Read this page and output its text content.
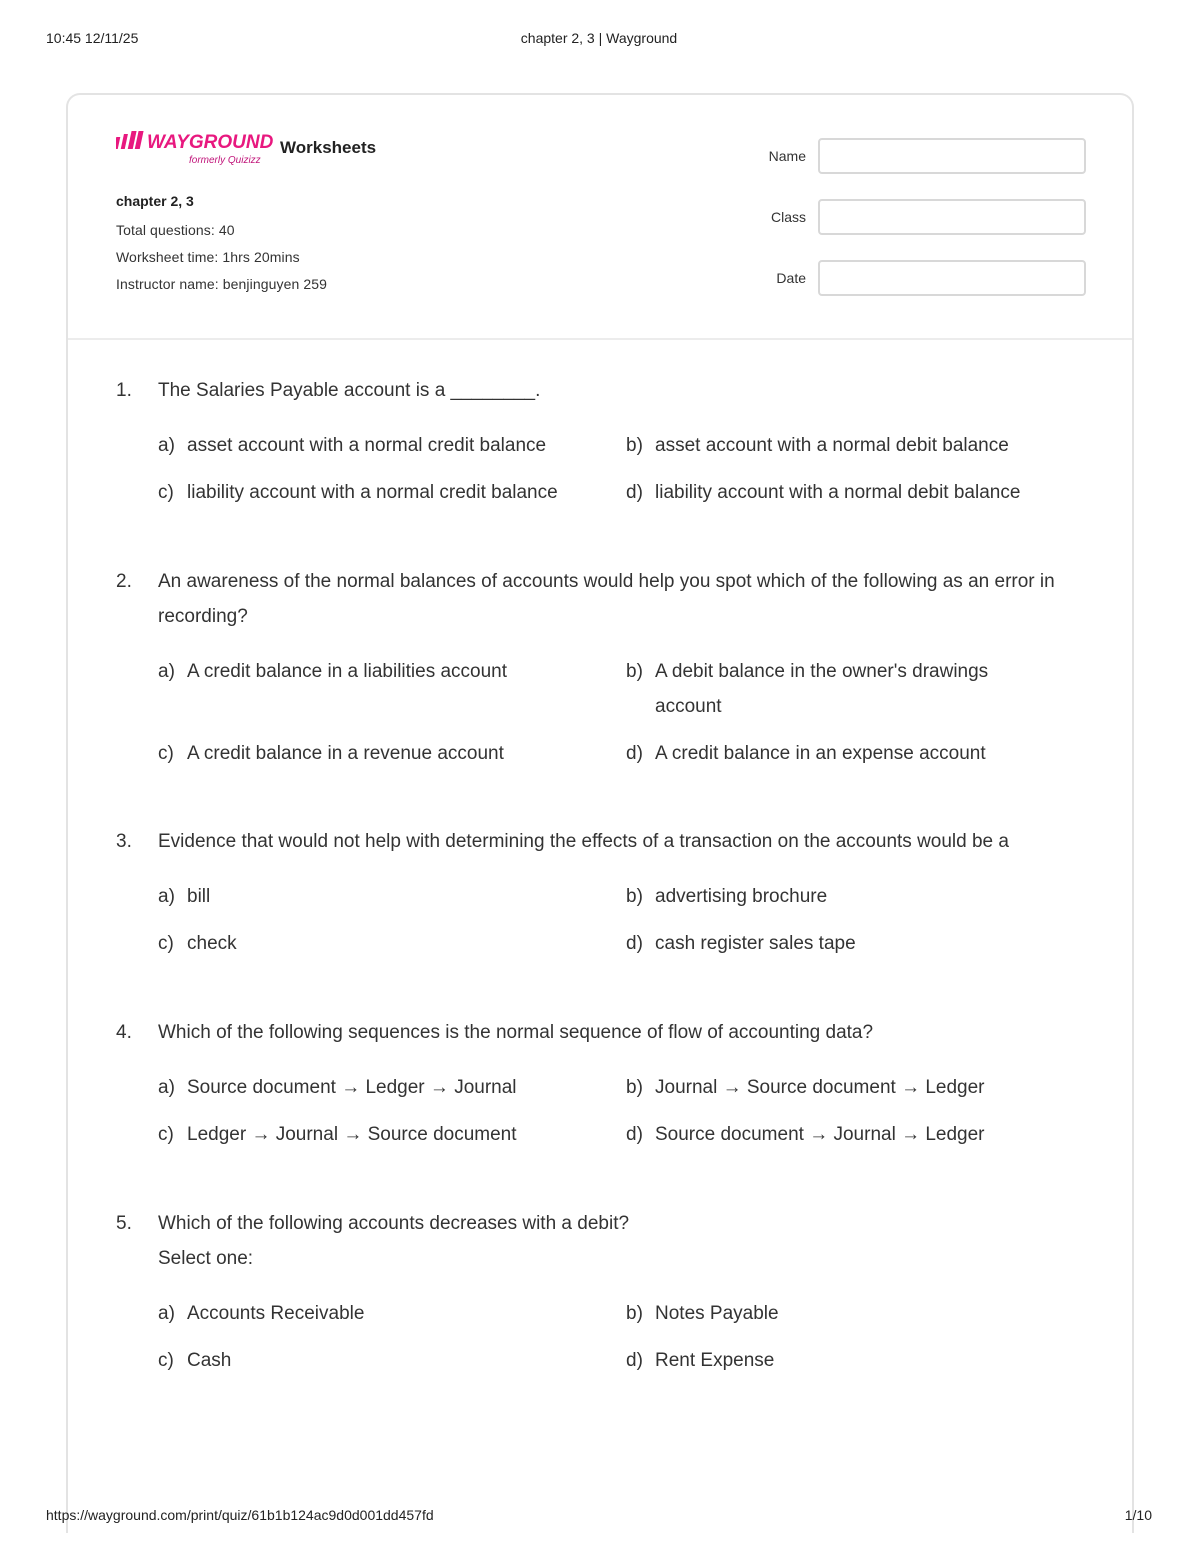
10:45 12/11/25	chapter 2, 3 | Wayground
WAYGROUND
formerly Quizizz
Worksheets
chapter 2, 3
Total questions: 40
Worksheet time: 1hrs 20mins
Instructor name: benjinguyen 259
Name
Class
Date
1. The Salaries Payable account is a ________.
a) asset account with a normal credit balance	b) asset account with a normal debit balance
c) liability account with a normal credit balance	d) liability account with a normal debit balance
2. An awareness of the normal balances of accounts would help you spot which of the following as an error in recording?
a) A credit balance in a liabilities account	b) A debit balance in the owner's drawings account
c) A credit balance in a revenue account	d) A credit balance in an expense account
3. Evidence that would not help with determining the effects of a transaction on the accounts would be a
a) bill	b) advertising brochure
c) check	d) cash register sales tape
4. Which of the following sequences is the normal sequence of flow of accounting data?
a) Source document → Ledger → Journal	b) Journal → Source document → Ledger
c) Ledger → Journal → Source document	d) Source document → Journal → Ledger
5. Which of the following accounts decreases with a debit?
Select one:
a) Accounts Receivable	b) Notes Payable
c) Cash	d) Rent Expense
https://wayground.com/print/quiz/61b1b124ac9d0d001dd457fd	1/10
